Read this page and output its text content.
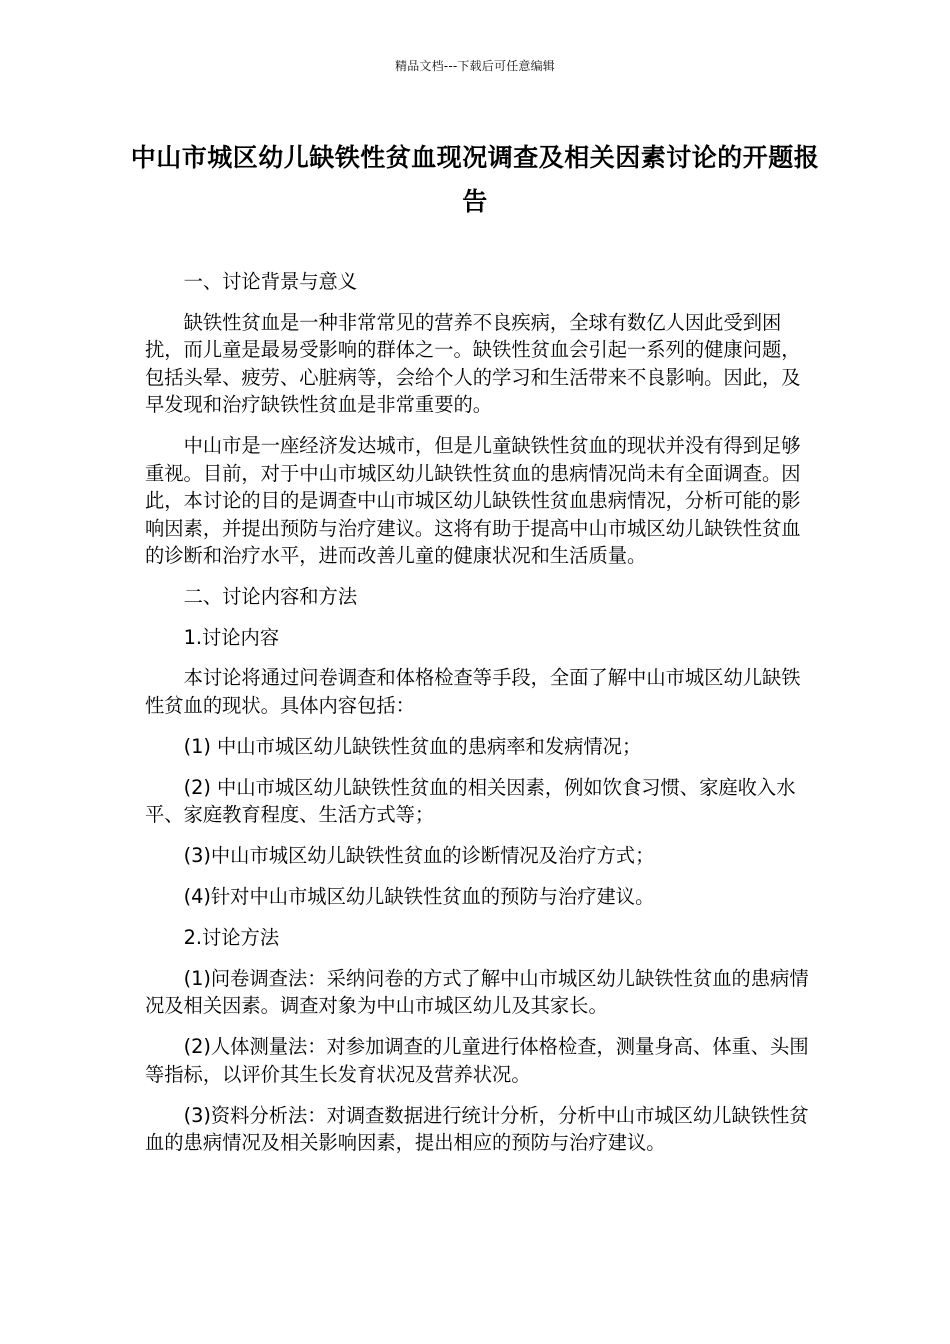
精品文档---下载后可任意编辑
中山市城区幼儿缺铁性贫血现况调查及相关因素讨论的开题报告

一、讨论背景与意义

缺铁性贫血是一种非常常见的营养不良疾病，全球有数亿人因此受到困扰，而儿童是最易受影响的群体之一。缺铁性贫血会引起一系列的健康问题，包括头晕、疲劳、心脏病等，会给个人的学习和生活带来不良影响。因此，及早发现和治疗缺铁性贫血是非常重要的。

中山市是一座经济发达城市，但是儿童缺铁性贫血的现状并没有得到足够重视。目前，对于中山市城区幼儿缺铁性贫血的患病情况尚未有全面调查。因此，本讨论的目的是调查中山市城区幼儿缺铁性贫血患病情况，分析可能的影响因素，并提出预防与治疗建议。这将有助于提高中山市城区幼儿缺铁性贫血的诊断和治疗水平，进而改善儿童的健康状况和生活质量。

二、讨论内容和方法

1.讨论内容

本讨论将通过问卷调查和体格检查等手段，全面了解中山市城区幼儿缺铁性贫血的现状。具体内容包括：

(1) 中山市城区幼儿缺铁性贫血的患病率和发病情况；

(2) 中山市城区幼儿缺铁性贫血的相关因素，例如饮食习惯、家庭收入水平、家庭教育程度、生活方式等；

(3)中山市城区幼儿缺铁性贫血的诊断情况及治疗方式；

(4)针对中山市城区幼儿缺铁性贫血的预防与治疗建议。

2.讨论方法

(1)问卷调查法：采纳问卷的方式了解中山市城区幼儿缺铁性贫血的患病情况及相关因素。调查对象为中山市城区幼儿及其家长。

(2)人体测量法：对参加调查的儿童进行体格检查，测量身高、体重、头围等指标，以评价其生长发育状况及营养状况。

(3)资料分析法：对调查数据进行统计分析，分析中山市城区幼儿缺铁性贫血的患病情况及相关影响因素，提出相应的预防与治疗建议。
